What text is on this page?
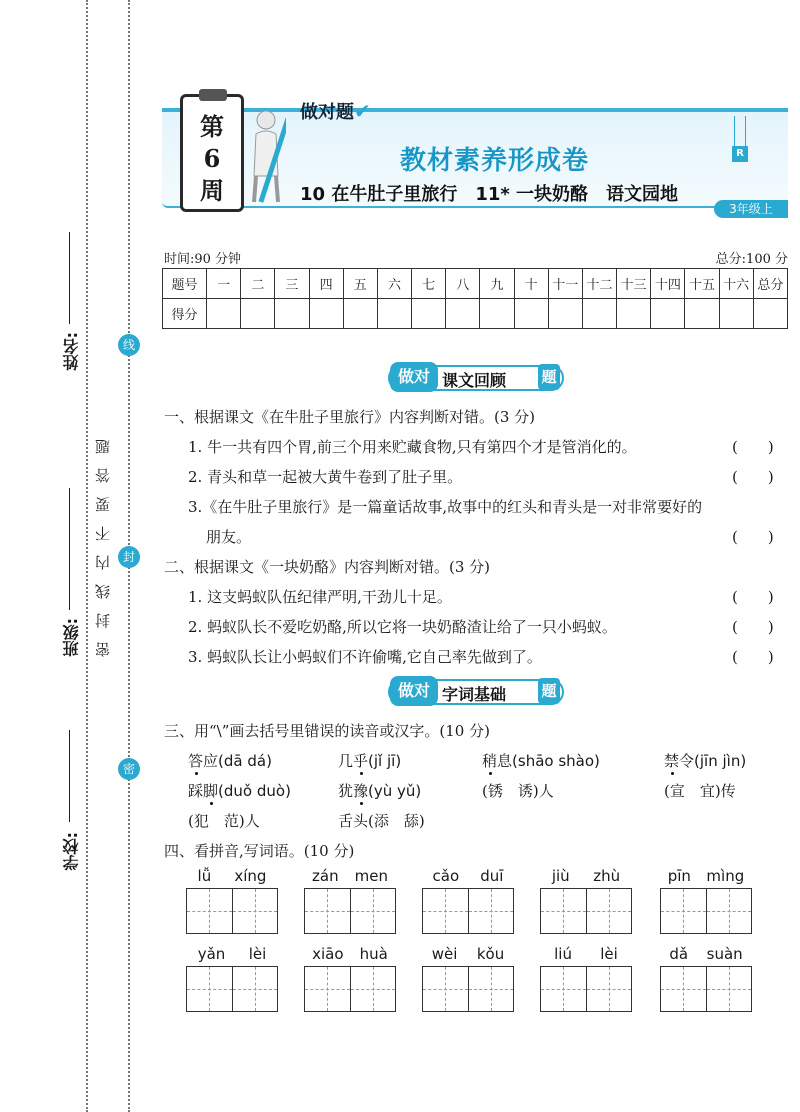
姓名:
班级:
学校:
密封线内不要答题
线
封
密
第
6
周
做对题✔
R
教材素养形成卷
10 在牛肚子里旅行　11* 一块奶酪　语文园地
3年级上
时间:90 分钟	总分:100 分
题号	一	二	三	四	五	六	七	八	九	十	十一	十二	十三	十四	十五	十六	总分
得分																	
做对 课文回顾 题
一、根据课文《在牛肚子里旅行》内容判断对错。(3 分)
1. 牛一共有四个胃,前三个用来贮藏食物,只有第四个才是管消化的。	(　　)
2. 青头和草一起被大黄牛卷到了肚子里。	(　　)
3.《在牛肚子里旅行》是一篇童话故事,故事中的红头和青头是一对非常要好的
朋友。	(　　)
二、根据课文《一块奶酪》内容判断对错。(3 分)
1. 这支蚂蚁队伍纪律严明,干劲儿十足。	(　　)
2. 蚂蚁队长不爱吃奶酪,所以它将一块奶酪渣让给了一只小蚂蚁。	(　　)
3. 蚂蚁队长让小蚂蚁们不许偷嘴,它自己率先做到了。	(　　)
做对 字词基础 题
三、用“\”画去括号里错误的读音或汉字。(10 分)
答应(dā dá)	几乎(jǐ jī)	稍息(shāo shào)	禁令(jīn jìn)
踩脚(duǒ duò)	犹豫(yù yǔ)	(锈　诱)人	(宣　宜)传
(犯　范)人	舌头(添　舔)
四、看拼音,写词语。(10 分)
lǚ xíng	zán men	cǎo duī	jiù zhù	pīn mìng
yǎn lèi	xiāo huà	wèi kǒu	liú lèi	dǎ suàn
